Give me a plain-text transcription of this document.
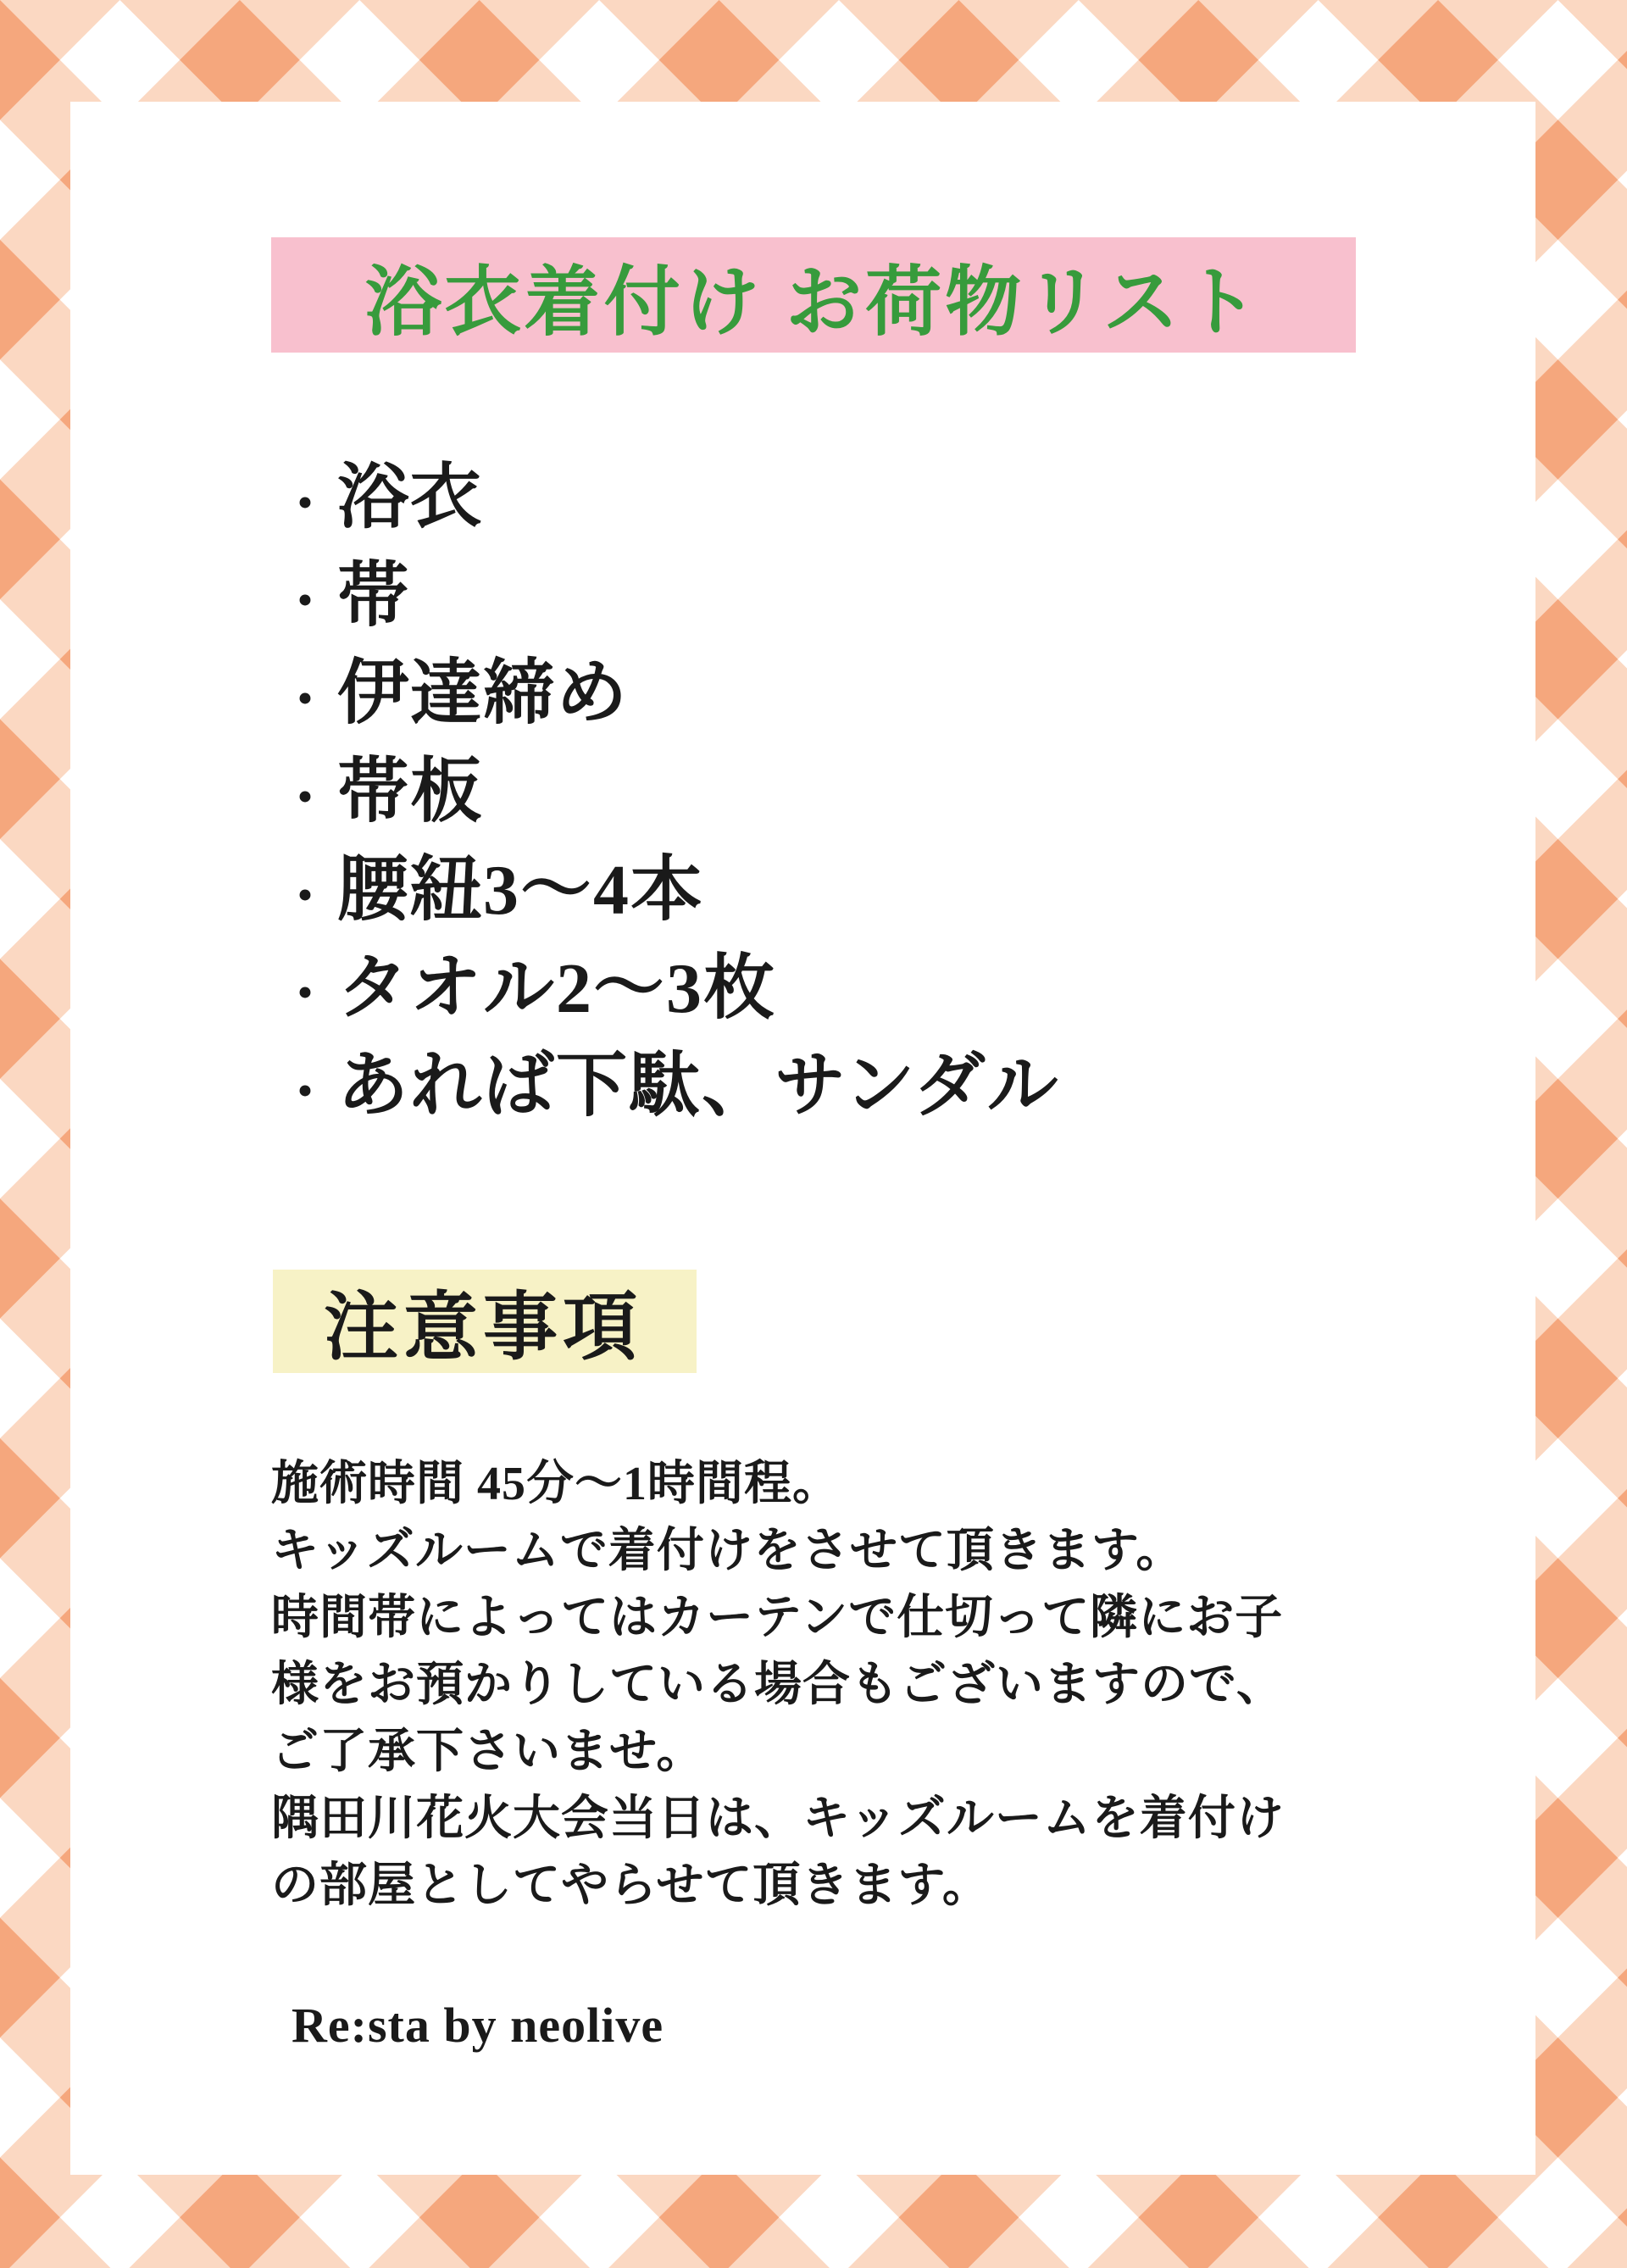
浴衣着付け お荷物リスト
・浴衣
・帯
・伊達締め
・帯板
・腰紐3〜4本
・タオル2〜3枚
・あれば下駄、サンダル
注意事項
施術時間 45分〜1時間程。
キッズルームで着付けをさせて頂きます。
時間帯によってはカーテンで仕切って隣にお子
様をお預かりしている場合もございますので、
ご了承下さいませ。
隅田川花火大会当日は、キッズルームを着付け
の部屋としてやらせて頂きます。
Re:sta by neolive
